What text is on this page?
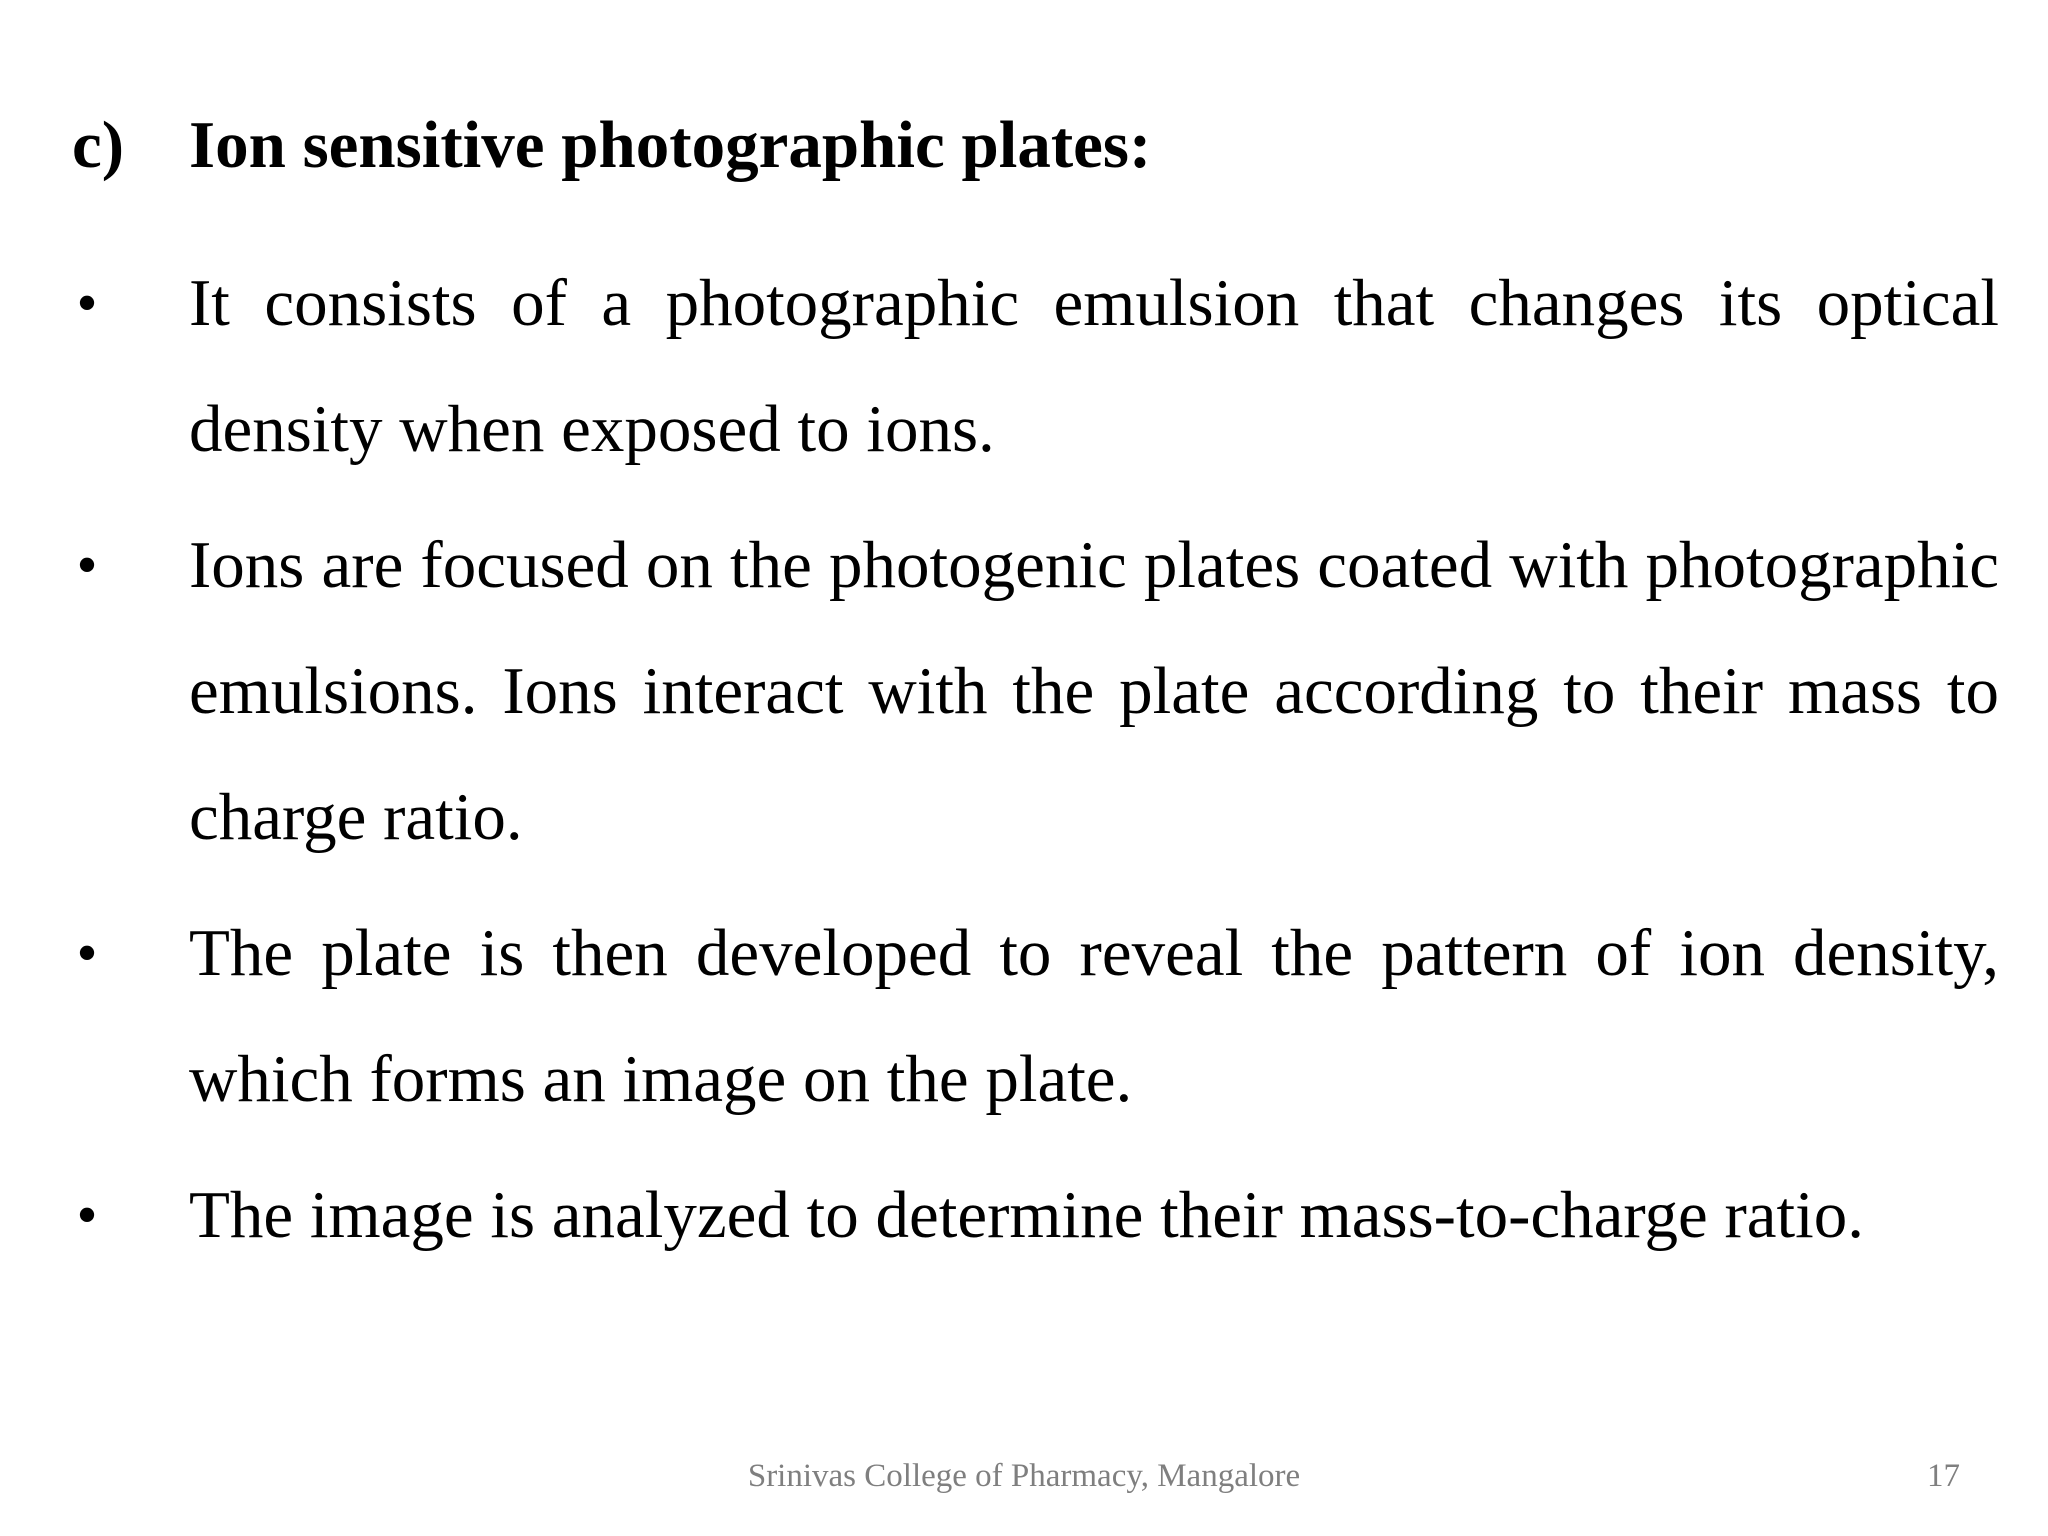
c) Ion sensitive photographic plates:
• It consists of a photographic emulsion that changes its optical density when exposed to ions.
• Ions are focused on the photogenic plates coated with photographic emulsions. Ions interact with the plate according to their mass to charge ratio.
• The plate is then developed to reveal the pattern of ion density, which forms an image on the plate.
• The image is analyzed to determine their mass-to-charge ratio.
Srinivas College of Pharmacy, Mangalore	17
